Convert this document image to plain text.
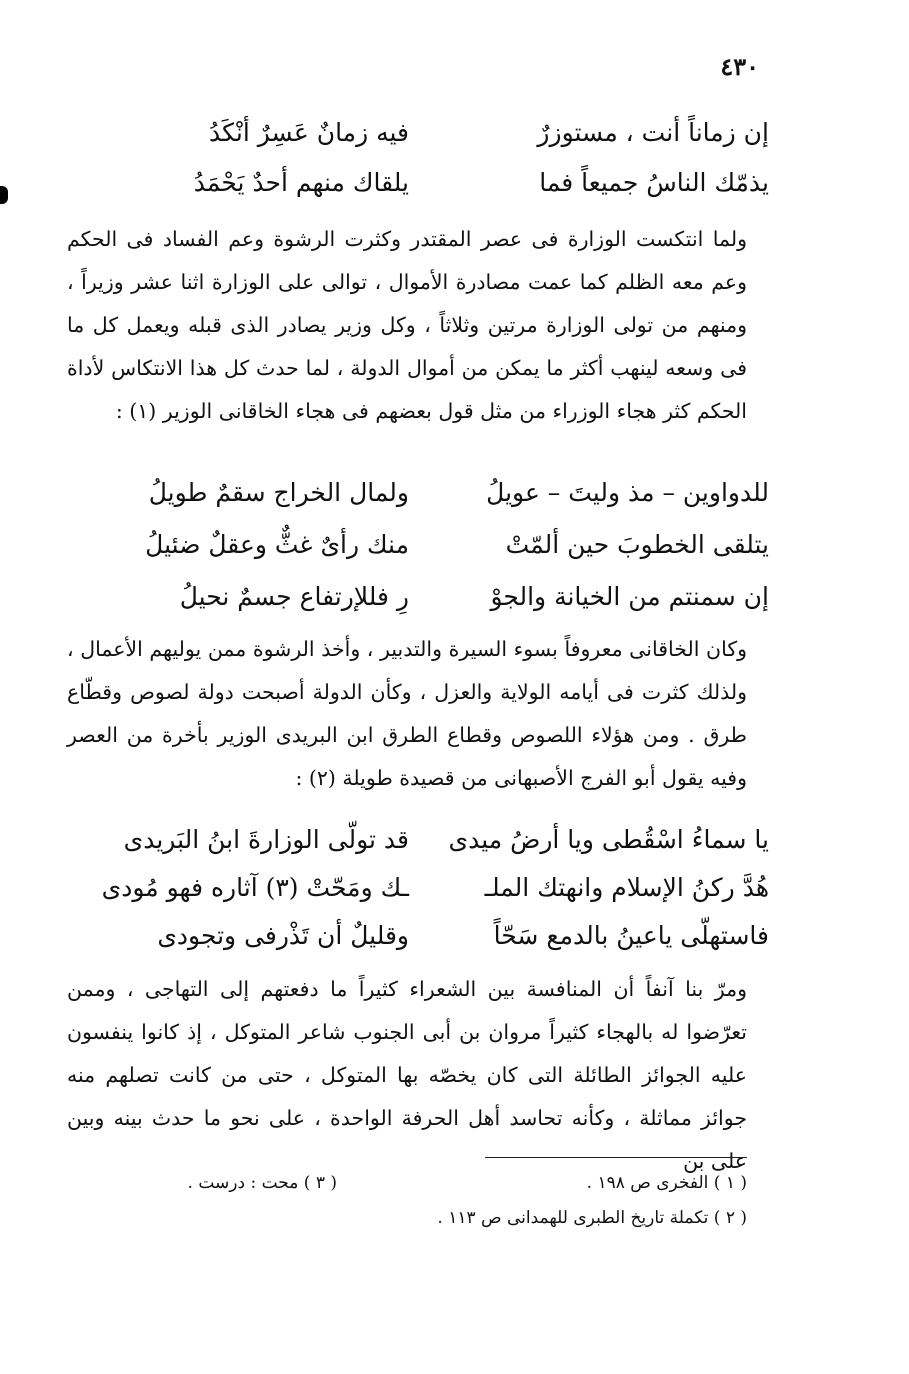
٤٣٠
إن زماناً أنت ، مستوزرٌ
فيه زمانٌ عَسِرٌ أنْكَدُ
يذمّك الناسُ جميعاً فما
يلقاك منهم أحدٌ يَحْمَدُ

ولما انتكست الوزارة فى عصر المقتدر وكثرت الرشوة وعم الفساد فى الحكم وعم معه الظلم كما عمت مصادرة الأموال ، توالى على الوزارة اثنا عشر وزيراً ، ومنهم من تولى الوزارة مرتين وثلاثاً ، وكل وزير يصادر الذى قبله ويعمل كل ما فى وسعه لينهب أكثر ما يمكن من أموال الدولة ، لما حدث كل هذا الانتكاس لأداة الحكم كثر هجاء الوزراء من مثل قول بعضهم فى هجاء الخاقانى الوزير (١) :

للدواوين – مذ وليتَ – عويلُ
ولمال الخراج سقمٌ طويلُ
يتلقى الخطوبَ حين ألمّتْ
منك رأىٌ غثٌّ وعقلٌ ضئيلُ
إن سمنتم من الخيانة والجوْ
رِ فللإرتفاع جسمٌ نحيلُ

وكان الخاقانى معروفاً بسوء السيرة والتدبير ، وأخذ الرشوة ممن يوليهم الأعمال ، ولذلك كثرت فى أيامه الولاية والعزل ، وكأن الدولة أصبحت دولة لصوص وقطّاع طرق . ومن هؤلاء اللصوص وقطاع الطرق ابن البريدى الوزير بأخرة من العصر وفيه يقول أبو الفرج الأصبهانى من قصيدة طويلة (٢) :

يا سماءُ اسْقُطى ويا أرضُ ميدى
قد تولّى الوزارةَ ابنُ البَريدى
هُدَّ ركنُ الإسلام وانهتك الملـ
ـك ومَحّتْ (٣) آثاره فهو مُودى
فاستهلّى ياعينُ بالدمع سَحّاً
وقليلٌ أن تَذْرفى وتجودى

ومرّ بنا آنفاً أن المنافسة بين الشعراء كثيراً ما دفعتهم إلى التهاجى ، وممن تعرّضوا له بالهجاء كثيراً مروان بن أبى الجنوب شاعر المتوكل ، إذ كانوا ينفسون عليه الجوائز الطائلة التى كان يخصّه بها المتوكل ، حتى من كانت تصلهم منه جوائز مماثلة ، وكأنه تحاسد أهل الحرفة الواحدة ، على نحو ما حدث بينه وبين على بن

( ١ ) الفخرى ص ١٩٨ .
( ٣ ) محت : درست .
( ٢ ) تكملة تاريخ الطبرى للهمدانى ص ١١٣ .
